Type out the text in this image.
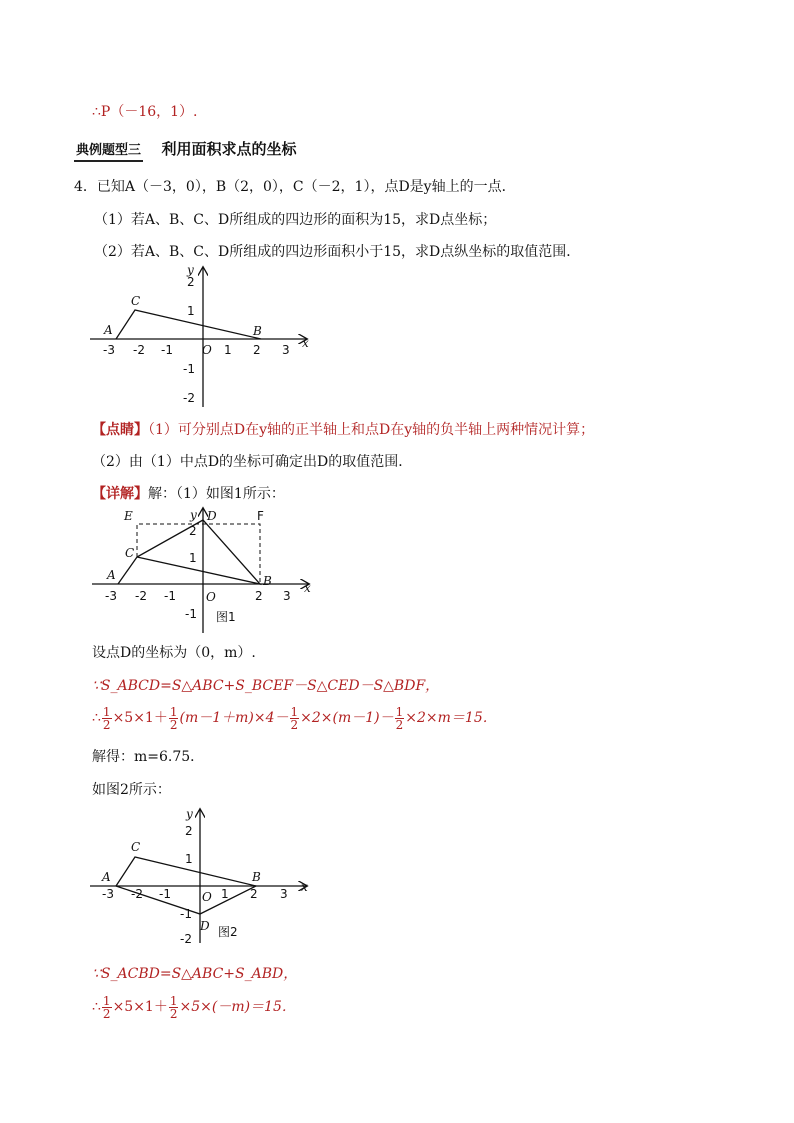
∴P（－16，1）.
典例题型三 利用面积求点的坐标
4．已知A（－3，0），B（2，0），C（－2，1），点D是y轴上的一点．
（1）若A、B、C、D所组成的四边形的面积为15，求D点坐标；
（2）若A、B、C、D所组成的四边形面积小于15，求D点纵坐标的取值范围．
x
y
O
-3 -2 -1	1 2 3
2
1
-1
-2
A	B
C
【点睛】（1）可分别点D在y轴的正半轴上和点D在y轴的负半轴上两种情况计算；
（2）由（1）中点D的坐标可确定出D的取值范围．
【详解】解：（1）如图1所示：
x
y
O
-3 -2 -1	2 3
2
1
-1
A	B
C
D
E	F
图1
设点D的坐标为（0，m）.
∵S_ABCD=S△ABC+S_BCEF－S△CED－S△BDF，
∴ $\frac{1}{2} \times 5\times 1+ \frac{1}{2} (m-1+m)\times 4- \frac{1}{2} \times 2\times(m-1)- \frac{1}{2} \times 2\times m=15$．
解得：m=6.75．
如图2所示：
x
y
O
-3 -2 -1	1 2 3
2
1
-1
-2
A	B
C
D 图2
∵S_ACBD=S△ABC+S_ABD，
∴ $\frac{1}{2} \times 5\times 1+ \frac{1}{2} \times 5\times(-m)=15$．
